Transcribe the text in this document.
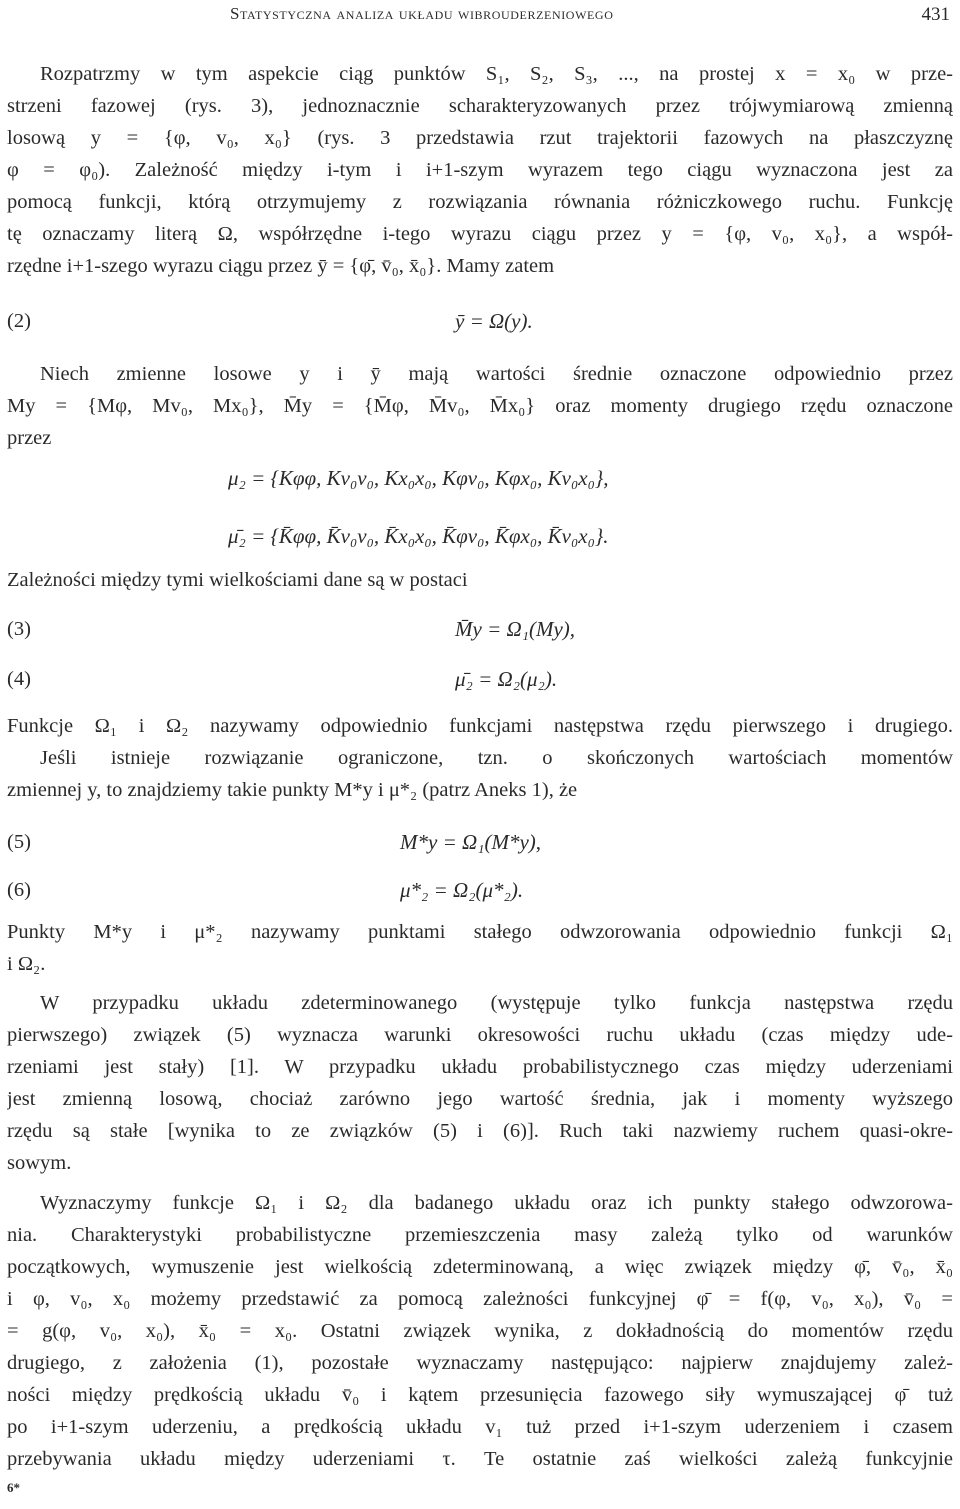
Statystyczna analiza układu wibrouderzeniowego	431
Rozpatrzmy w tym aspekcie ciąg punktów S₁, S₂, S₃, ..., na prostej x = x₀ w prze-
strzeni fazowej (rys. 3), jednoznacznie scharakteryzowanych przez trójwymiarową zmienną
losową y = {φ, v₀, x₀} (rys. 3 przedstawia rzut trajektorii fazowych na płaszczyznę
φ = φ₀). Zależność między i-tym i i+1-szym wyrazem tego ciągu wyznaczona jest za
pomocą funkcji, którą otrzymujemy z rozwiązania równania różniczkowego ruchu. Funkcję
tę oznaczamy literą Ω, współrzędne i-tego wyrazu ciągu przez y = {φ, v₀, x₀}, a współ-
rzędne i+1-szego wyrazu ciągu przez ȳ = {φ̄, v̄₀, x̄₀}. Mamy zatem
(2)	ȳ = Ω(y).
Niech zmienne losowe y i ȳ mają wartości średnie oznaczone odpowiednio przez
My = {Mφ, Mv₀, Mx₀}, M̄y = {M̄φ, M̄v₀, M̄x₀} oraz momenty drugiego rzędu oznaczone
przez
μ₂ = {Kφφ, Kv₀v₀, Kx₀x₀, Kφv₀, Kφx₀, Kv₀x₀},
μ̄₂ = {K̄φφ, K̄v₀v₀, K̄x₀x₀, K̄φv₀, K̄φx₀, K̄v₀x₀}.
Zależności między tymi wielkościami dane są w postaci
(3)	M̄y = Ω₁(My),
(4)	μ̄₂ = Ω₂(μ₂).
Funkcje Ω₁ i Ω₂ nazywamy odpowiednio funkcjami następstwa rzędu pierwszego i drugiego.
Jeśli istnieje rozwiązanie ograniczone, tzn. o skończonych wartościach momentów
zmiennej y, to znajdziemy takie punkty M*y i μ*₂ (patrz Aneks 1), że
(5)	M*y = Ω₁(M*y),
(6)	μ*₂ = Ω₂(μ*₂).
Punkty M*y i μ*₂ nazywamy punktami stałego odwzorowania odpowiednio funkcji Ω₁
i Ω₂.
W przypadku układu zdeterminowanego (występuje tylko funkcja następstwa rzędu
pierwszego) związek (5) wyznacza warunki okresowości ruchu układu (czas między ude-
rzeniami jest stały) [1]. W przypadku układu probabilistycznego czas między uderzeniami
jest zmienną losową, chociaż zarówno jego wartość średnia, jak i momenty wyższego
rzędu są stałe [wynika to ze związków (5) i (6)]. Ruch taki nazwiemy ruchem quasi-okre-
sowym.
Wyznaczymy funkcje Ω₁ i Ω₂ dla badanego układu oraz ich punkty stałego odwzorowa-
nia. Charakterystyki probabilistyczne przemieszczenia masy zależą tylko od warunków
początkowych, wymuszenie jest wielkością zdeterminowaną, a więc związek między φ̄, v̄₀, x̄₀
i φ, v₀, x₀ możemy przedstawić za pomocą zależności funkcyjnej φ̄ = f(φ, v₀, x₀), v̄₀ =
= g(φ, v₀, x₀), x̄₀ = x₀. Ostatni związek wynika, z dokładnością do momentów rzędu
drugiego, z założenia (1), pozostałe wyznaczamy następująco: najpierw znajdujemy zależ-
ności między prędkością układu v̄₀ i kątem przesunięcia fazowego siły wymuszającej φ̄ tuż
po i+1-szym uderzeniu, a prędkością układu v₁ tuż przed i+1-szym uderzeniem i czasem
przebywania układu między uderzeniami τ. Te ostatnie zaś wielkości zależą funkcyjnie
6*
